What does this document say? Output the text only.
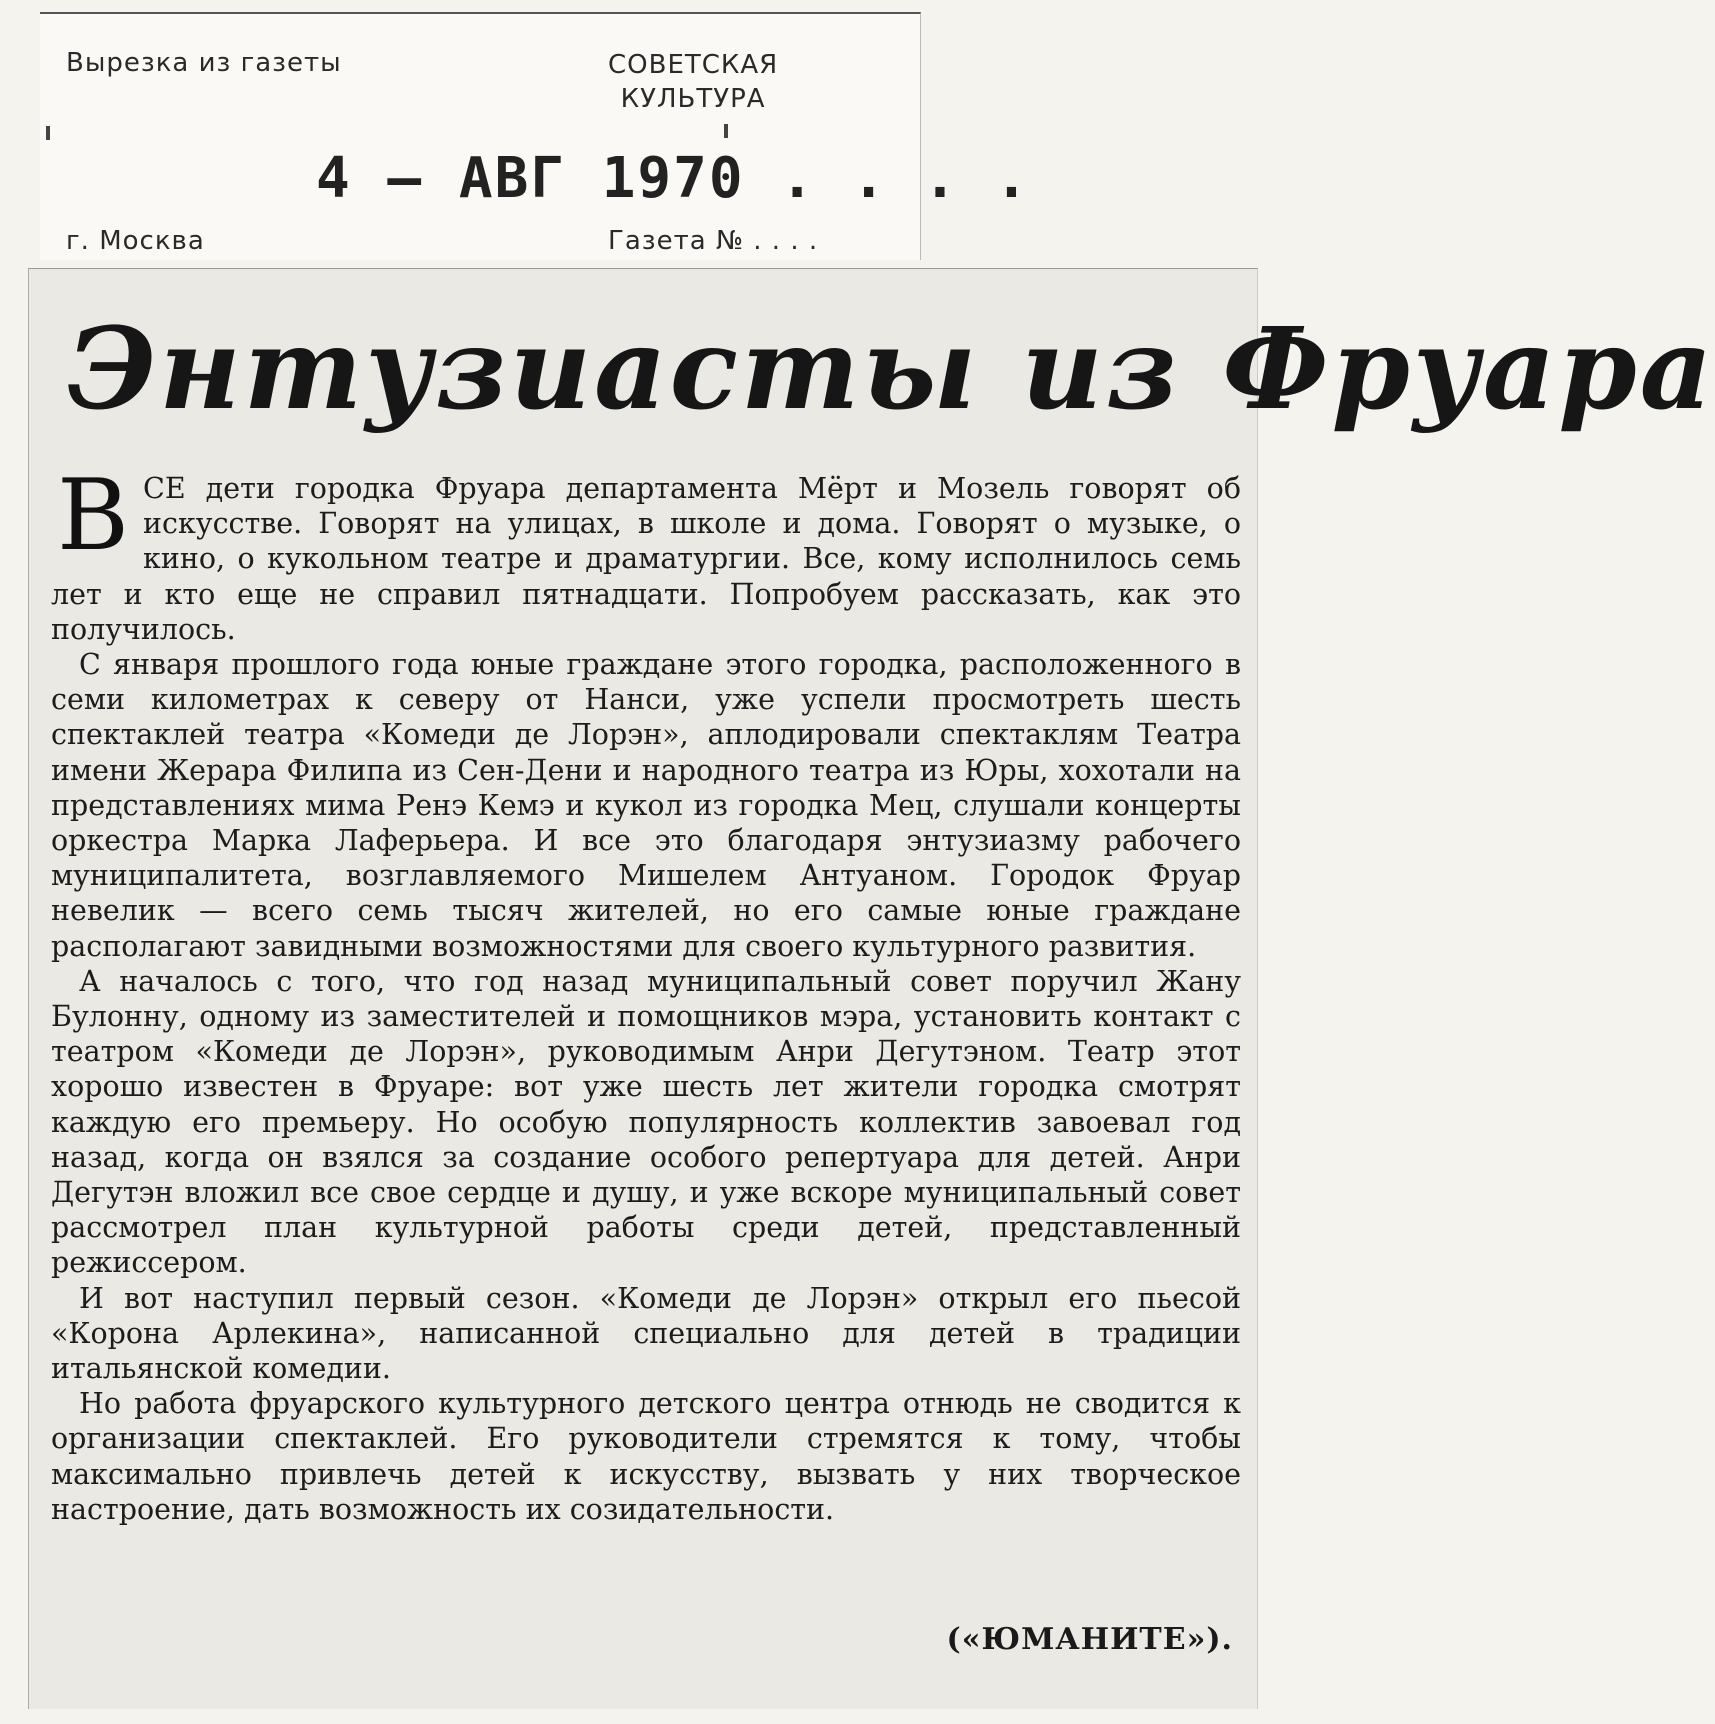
Вырезка из газеты	СОВЕТСКАЯ
КУЛЬТУРА
4 — АВГ 1970 . . . .
г. Москва	Газета № . . . .
Энтузиасты из Фруара

ВСЕ дети городка Фруара департамента Мёрт и Мозель говорят об искусстве. Говорят на улицах, в школе и дома. Говорят о музыке, о кино, о кукольном театре и драматургии. Все, кому исполнилось семь лет и кто еще не справил пятнадцати. Попробуем рассказать, как это получилось.

С января прошлого года юные граждане этого городка, расположенного в семи километрах к северу от Нанси, уже успели просмотреть шесть спектаклей театра «Комеди де Лорэн», аплодировали спектаклям Театра имени Жерара Филипа из Сен-Дени и народного театра из Юры, хохотали на представлениях мима Ренэ Кемэ и кукол из городка Мец, слушали концерты оркестра Марка Лаферьера. И все это благодаря энтузиазму рабочего муниципалитета, возглавляемого Мишелем Антуаном. Городок Фруар невелик — всего семь тысяч жителей, но его самые юные граждане располагают завидными возможностями для своего культурного развития.

А началось с того, что год назад муниципальный совет поручил Жану Булонну, одному из заместителей и помощников мэра, установить контакт с театром «Комеди де Лорэн», руководимым Анри Дегутэном. Театр этот хорошо известен в Фруаре: вот уже шесть лет жители городка смотрят каждую его премьеру. Но особую популярность коллектив завоевал год назад, когда он взялся за создание особого репертуара для детей. Анри Дегутэн вложил все свое сердце и душу, и уже вскоре муниципальный совет рассмотрел план культурной работы среди детей, представленный режиссером.

И вот наступил первый сезон. «Комеди де Лорэн» открыл его пьесой «Корона Арлекина», написанной специально для детей в традиции итальянской комедии.

Но работа фруарского культурного детского центра отнюдь не сводится к организации спектаклей. Его руководители стремятся к тому, чтобы максимально привлечь детей к искусству, вызвать у них творческое настроение, дать возможность их созидательности.

(«ЮМАНИТЕ»).
